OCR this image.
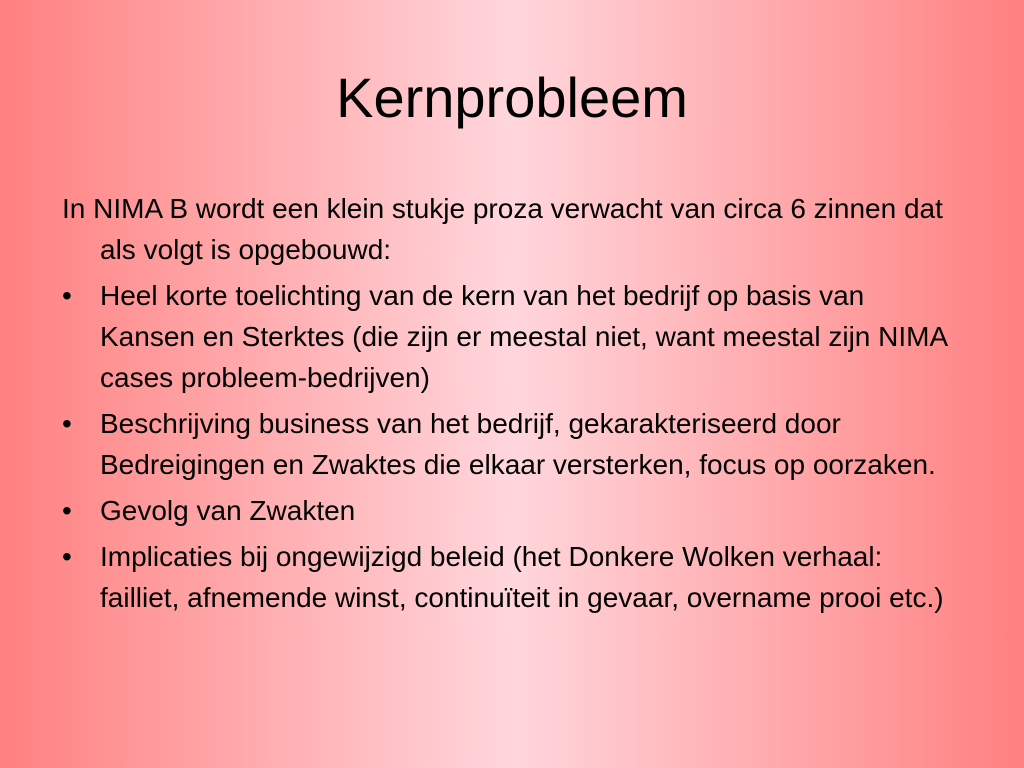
Kernprobleem

In NIMA B wordt een klein stukje proza verwacht van circa 6 zinnen dat als volgt is opgebouwd:

•	Heel korte toelichting van de kern van het bedrijf op basis van Kansen en Sterktes (die zijn er meestal niet, want meestal zijn NIMA cases probleem-bedrijven)
•	Beschrijving business van het bedrijf, gekarakteriseerd door Bedreigingen en Zwaktes die elkaar versterken, focus op oorzaken.
•	Gevolg van Zwakten
•	Implicaties bij ongewijzigd beleid (het Donkere Wolken verhaal: failliet, afnemende winst, continuïteit in gevaar, overname prooi etc.)
